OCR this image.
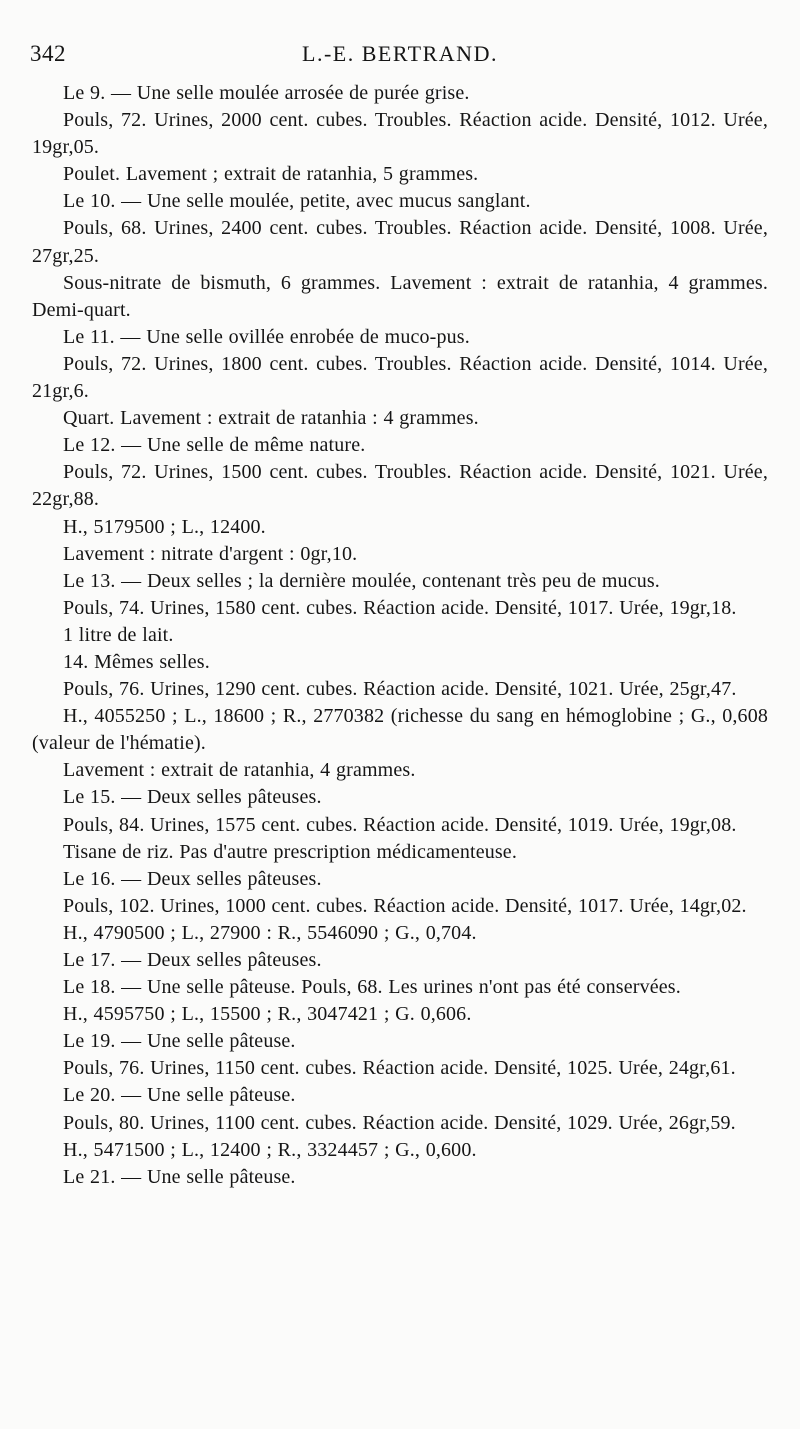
342	L.-E. BERTRAND.

Le 9. — Une selle moulée arrosée de purée grise.

Pouls, 72. Urines, 2000 cent. cubes. Troubles. Réaction acide. Densité, 1012. Urée, 19gr,05.

Poulet. Lavement ; extrait de ratanhia, 5 grammes.

Le 10. — Une selle moulée, petite, avec mucus sanglant.

Pouls, 68. Urines, 2400 cent. cubes. Troubles. Réaction acide. Densité, 1008. Urée, 27gr,25.

Sous-nitrate de bismuth, 6 grammes. Lavement : extrait de ratanhia, 4 grammes. Demi-quart.

Le 11. — Une selle ovillée enrobée de muco-pus.

Pouls, 72. Urines, 1800 cent. cubes. Troubles. Réaction acide. Densité, 1014. Urée, 21gr,6.

Quart. Lavement : extrait de ratanhia : 4 grammes.

Le 12. — Une selle de même nature.

Pouls, 72. Urines, 1500 cent. cubes. Troubles. Réaction acide. Densité, 1021. Urée, 22gr,88.

H., 5179500 ; L., 12400.

Lavement : nitrate d'argent : 0gr,10.

Le 13. — Deux selles ; la dernière moulée, contenant très peu de mucus.

Pouls, 74. Urines, 1580 cent. cubes. Réaction acide. Densité, 1017. Urée, 19gr,18.

1 litre de lait.

14. Mêmes selles.

Pouls, 76. Urines, 1290 cent. cubes. Réaction acide. Densité, 1021. Urée, 25gr,47.

H., 4055250 ; L., 18600 ; R., 2770382 (richesse du sang en hémoglobine ; G., 0,608 (valeur de l'hématie).

Lavement : extrait de ratanhia, 4 grammes.

Le 15. — Deux selles pâteuses.

Pouls, 84. Urines, 1575 cent. cubes. Réaction acide. Densité, 1019. Urée, 19gr,08.

Tisane de riz. Pas d'autre prescription médicamenteuse.

Le 16. — Deux selles pâteuses.

Pouls, 102. Urines, 1000 cent. cubes. Réaction acide. Densité, 1017. Urée, 14gr,02.

H., 4790500 ; L., 27900 : R., 5546090 ; G., 0,704.

Le 17. — Deux selles pâteuses.

Le 18. — Une selle pâteuse. Pouls, 68. Les urines n'ont pas été conservées.

H., 4595750 ; L., 15500 ; R., 3047421 ; G. 0,606.

Le 19. — Une selle pâteuse.

Pouls, 76. Urines, 1150 cent. cubes. Réaction acide. Densité, 1025. Urée, 24gr,61.

Le 20. — Une selle pâteuse.

Pouls, 80. Urines, 1100 cent. cubes. Réaction acide. Densité, 1029. Urée, 26gr,59.

H., 5471500 ; L., 12400 ; R., 3324457 ; G., 0,600.

Le 21. — Une selle pâteuse.
